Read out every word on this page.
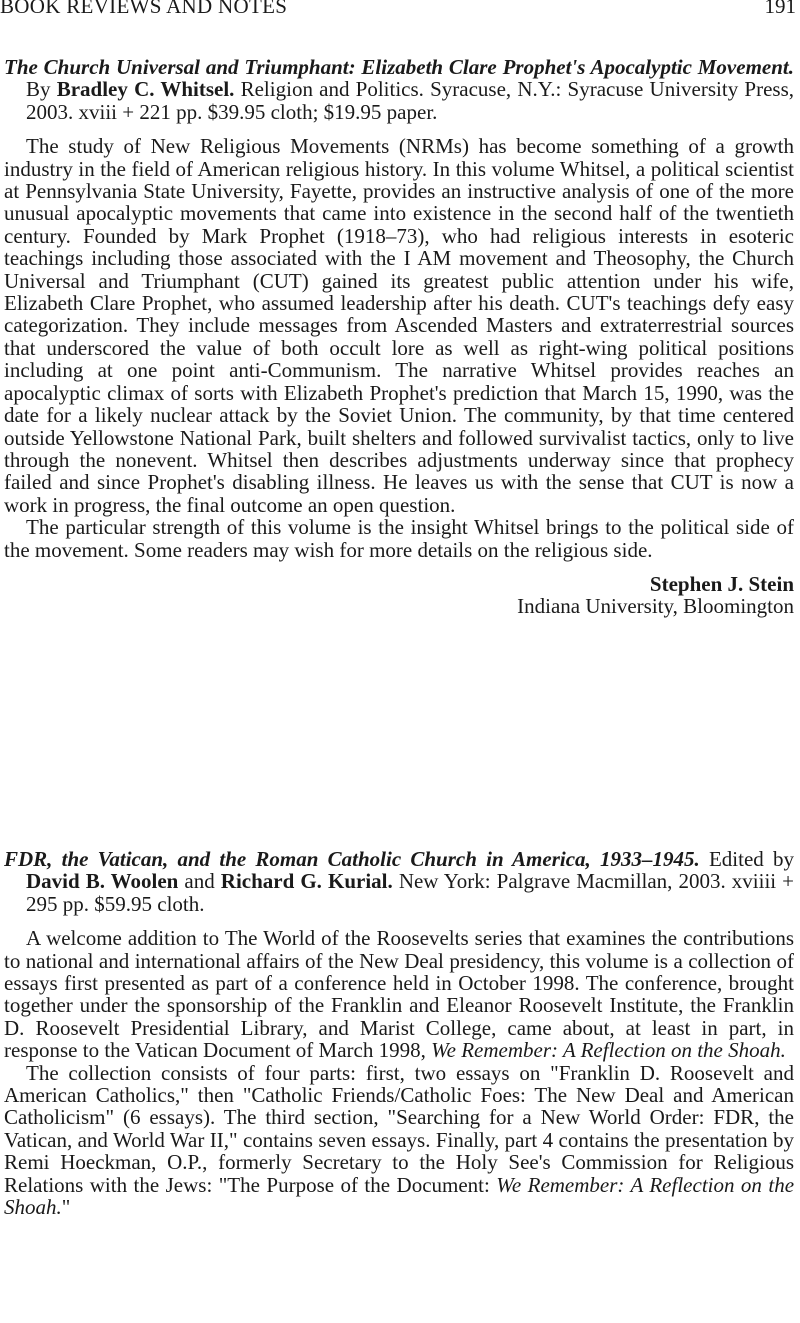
BOOK REVIEWS AND NOTES	191

The Church Universal and Triumphant: Elizabeth Clare Prophet's Apocalyptic Movement. By Bradley C. Whitsel. Religion and Politics. Syracuse, N.Y.: Syracuse University Press, 2003. xviii + 221 pp. $39.95 cloth; $19.95 paper.

The study of New Religious Movements (NRMs) has become something of a growth industry in the field of American religious history. In this volume Whitsel, a political scientist at Pennsylvania State University, Fayette, provides an instructive analysis of one of the more unusual apocalyptic movements that came into existence in the second half of the twentieth century. Founded by Mark Prophet (1918–73), who had religious interests in esoteric teachings including those associated with the I AM movement and Theosophy, the Church Universal and Triumphant (CUT) gained its greatest public attention under his wife, Elizabeth Clare Prophet, who assumed leadership after his death. CUT's teachings defy easy categorization. They include messages from Ascended Masters and extraterrestrial sources that underscored the value of both occult lore as well as right-wing political positions including at one point anti-Communism. The narrative Whitsel provides reaches an apocalyptic climax of sorts with Elizabeth Prophet's prediction that March 15, 1990, was the date for a likely nuclear attack by the Soviet Union. The community, by that time centered outside Yellowstone National Park, built shelters and followed survivalist tactics, only to live through the nonevent. Whitsel then describes adjustments underway since that prophecy failed and since Prophet's disabling illness. He leaves us with the sense that CUT is now a work in progress, the final outcome an open question.

The particular strength of this volume is the insight Whitsel brings to the political side of the movement. Some readers may wish for more details on the religious side.

Stephen J. Stein
Indiana University, Bloomington

FDR, the Vatican, and the Roman Catholic Church in America, 1933–1945. Edited by David B. Woolen and Richard G. Kurial. New York: Palgrave Macmillan, 2003. xviiii + 295 pp. $59.95 cloth.

A welcome addition to The World of the Roosevelts series that examines the contributions to national and international affairs of the New Deal presidency, this volume is a collection of essays first presented as part of a conference held in October 1998. The conference, brought together under the sponsorship of the Franklin and Eleanor Roosevelt Institute, the Franklin D. Roosevelt Presidential Library, and Marist College, came about, at least in part, in response to the Vatican Document of March 1998, We Remember: A Reflection on the Shoah.

The collection consists of four parts: first, two essays on "Franklin D. Roosevelt and American Catholics," then "Catholic Friends/Catholic Foes: The New Deal and American Catholicism" (6 essays). The third section, "Searching for a New World Order: FDR, the Vatican, and World War II," contains seven essays. Finally, part 4 contains the presentation by Remi Hoeckman, O.P., formerly Secretary to the Holy See's Commission for Religious Relations with the Jews: "The Purpose of the Document: We Remember: A Reflection on the Shoah."
